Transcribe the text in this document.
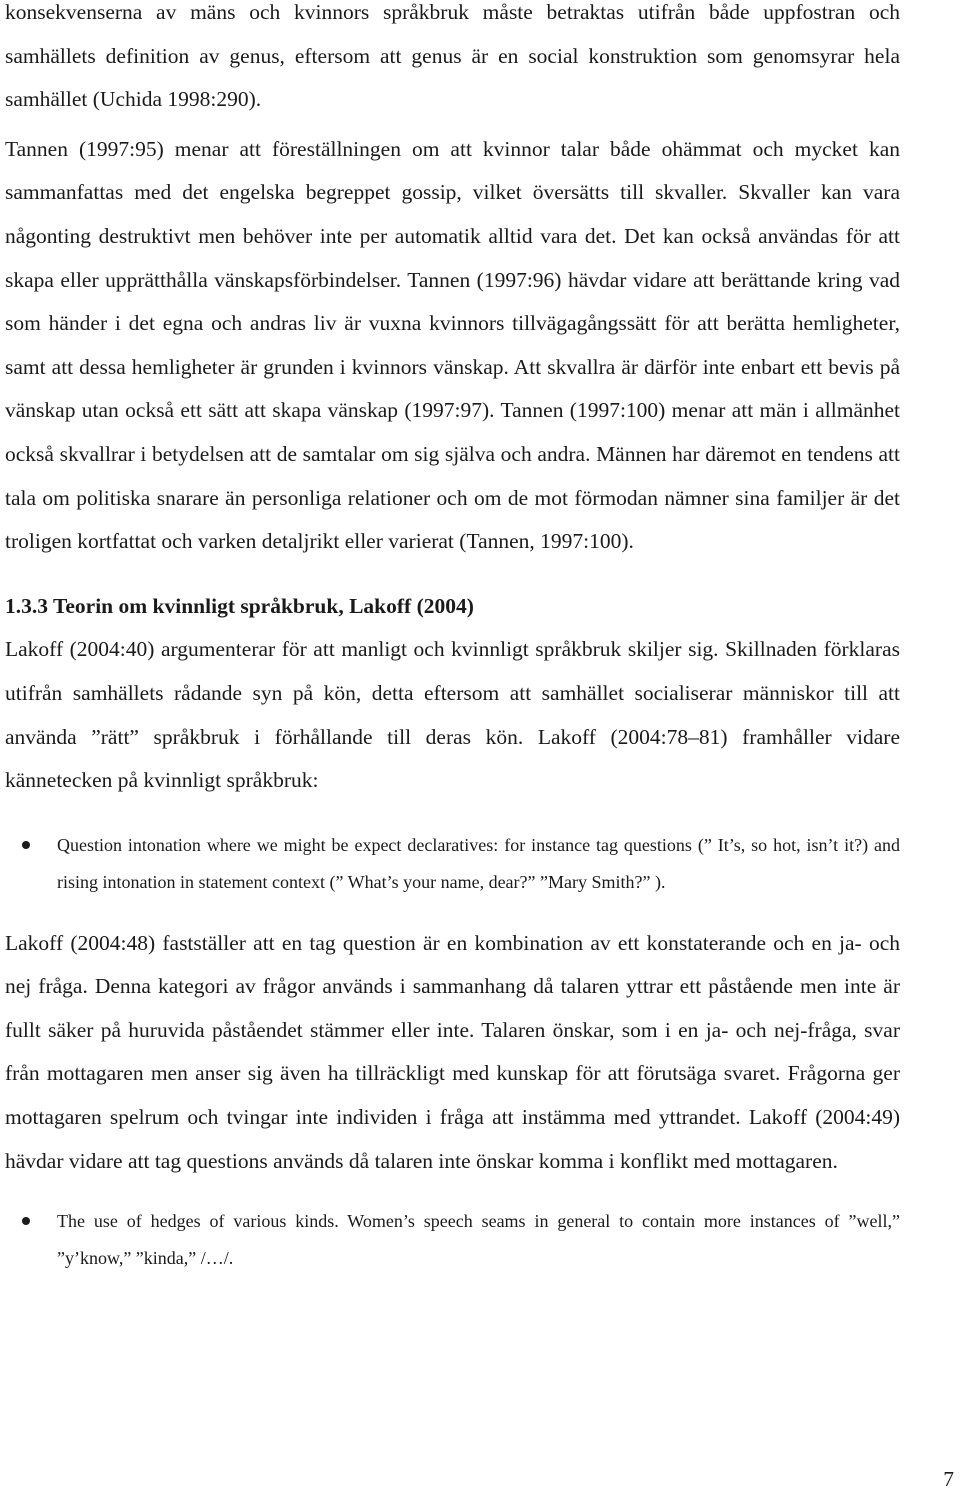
konsekvenserna av mäns och kvinnors språkbruk måste betraktas utifrån både uppfostran och samhällets definition av genus, eftersom att genus är en social konstruktion som genomsyrar hela samhället (Uchida 1998:290).

Tannen (1997:95) menar att föreställningen om att kvinnor talar både ohämmat och mycket kan sammanfattas med det engelska begreppet gossip, vilket översätts till skvaller. Skvaller kan vara någonting destruktivt men behöver inte per automatik alltid vara det. Det kan också användas för att skapa eller upprätthålla vänskapsförbindelser. Tannen (1997:96) hävdar vidare att berättande kring vad som händer i det egna och andras liv är vuxna kvinnors tillvägagångssätt för att berätta hemligheter, samt att dessa hemligheter är grunden i kvinnors vänskap. Att skvallra är därför inte enbart ett bevis på vänskap utan också ett sätt att skapa vänskap (1997:97). Tannen (1997:100) menar att män i allmänhet också skvallrar i betydelsen att de samtalar om sig själva och andra. Männen har däremot en tendens att tala om politiska snarare än personliga relationer och om de mot förmodan nämner sina familjer är det troligen kortfattat och varken detaljrikt eller varierat (Tannen, 1997:100).

1.3.3 Teorin om kvinnligt språkbruk, Lakoff (2004)

Lakoff (2004:40) argumenterar för att manligt och kvinnligt språkbruk skiljer sig. Skillnaden förklaras utifrån samhällets rådande syn på kön, detta eftersom att samhället socialiserar människor till att använda ”rätt” språkbruk i förhållande till deras kön. Lakoff (2004:78–81) framhåller vidare kännetecken på kvinnligt språkbruk:

Question intonation where we might be expect declaratives: for instance tag questions (” It’s, so hot, isn’t it?) and rising intonation in statement context (” What’s your name, dear?” ”Mary Smith?” ).

Lakoff (2004:48) fastställer att en tag question är en kombination av ett konstaterande och en ja- och nej fråga. Denna kategori av frågor används i sammanhang då talaren yttrar ett påstående men inte är fullt säker på huruvida påståendet stämmer eller inte. Talaren önskar, som i en ja- och nej-fråga, svar från mottagaren men anser sig även ha tillräckligt med kunskap för att förutsäga svaret. Frågorna ger mottagaren spelrum och tvingar inte individen i fråga att instämma med yttrandet. Lakoff (2004:49) hävdar vidare att tag questions används då talaren inte önskar komma i konflikt med mottagaren.

The use of hedges of various kinds. Women’s speech seams in general to contain more instances of ”well,” ”y’know,” ”kinda,” /…/.
7
